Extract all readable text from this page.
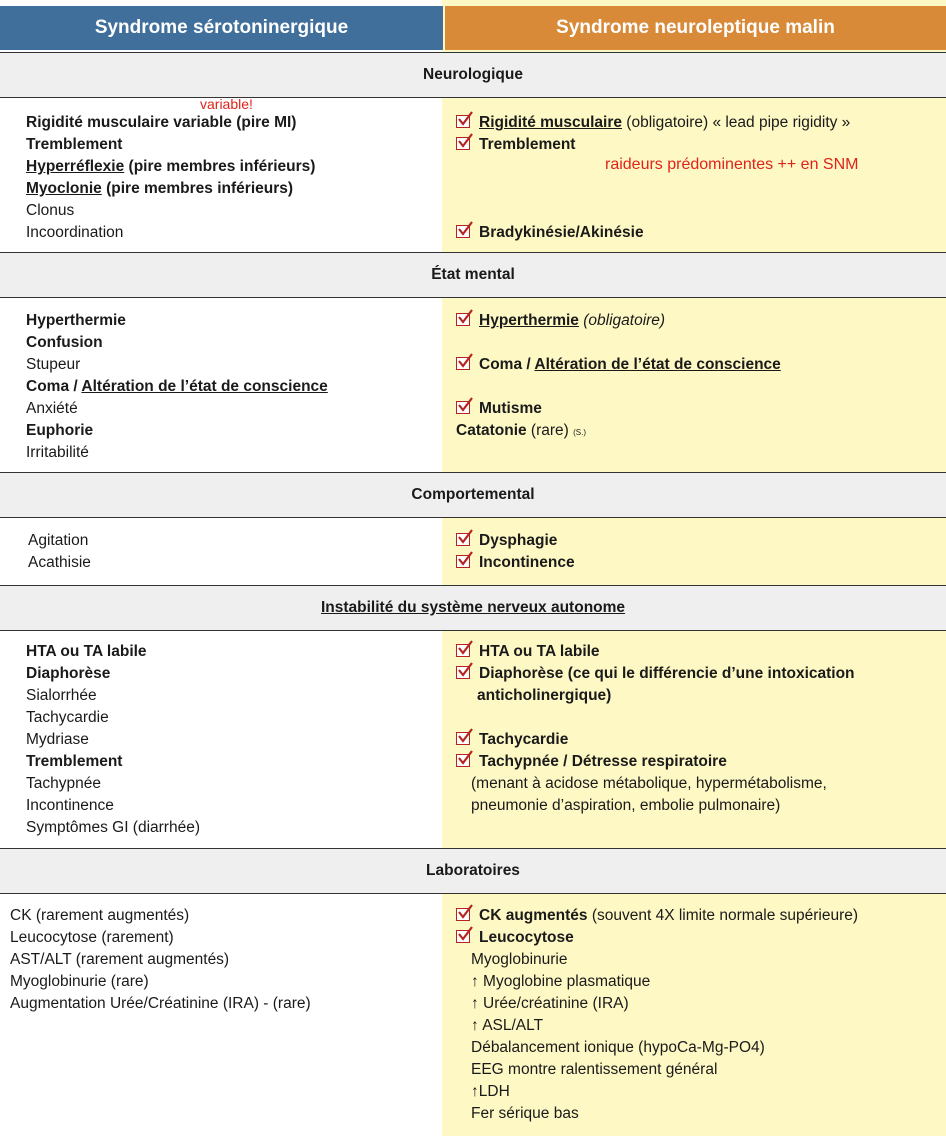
Syndrome sérotoninergique	Syndrome neuroleptique malin
Neurologique
variable!
Rigidité musculaire variable (pire MI)
Tremblement
Hyperréflexie (pire membres inférieurs)
Myoclonie (pire membres inférieurs)
Clonus
Incoordination
Rigidité musculaire (obligatoire) « lead pipe rigidity »
Tremblement
raideurs prédominentes ++ en SNM
Bradykinésie/Akinésie
État mental
Hyperthermie
Confusion
Stupeur
Coma / Altération de l’état de conscience
Anxiété
Euphorie
Irritabilité
Hyperthermie (obligatoire)
Coma / Altération de l’état de conscience
Mutisme
Catatonie (rare) (S.)
Comportemental
Agitation
Acathisie
Dysphagie
Incontinence
Instabilité du système nerveux autonome
HTA ou TA labile
Diaphorèse
Sialorrhée
Tachycardie
Mydriase
Tremblement
Tachypnée
Incontinence
Symptômes GI (diarrhée)
HTA ou TA labile
Diaphorèse (ce qui le différencie d’une intoxication
anticholinergique)
Tachycardie
Tachypnée / Détresse respiratoire
(menant à acidose métabolique, hypermétabolisme,
pneumonie d’aspiration, embolie pulmonaire)
Laboratoires
CK (rarement augmentés)
Leucocytose (rarement)
AST/ALT (rarement augmentés)
Myoglobinurie (rare)
Augmentation Urée/Créatinine (IRA) - (rare)
CK augmentés (souvent 4X limite normale supérieure)
Leucocytose
Myoglobinurie
↑ Myoglobine plasmatique
↑ Urée/créatinine (IRA)
↑ ASL/ALT
Débalancement ionique (hypoCa-Mg-PO4)
EEG montre ralentissement général
↑LDH
Fer sérique bas
